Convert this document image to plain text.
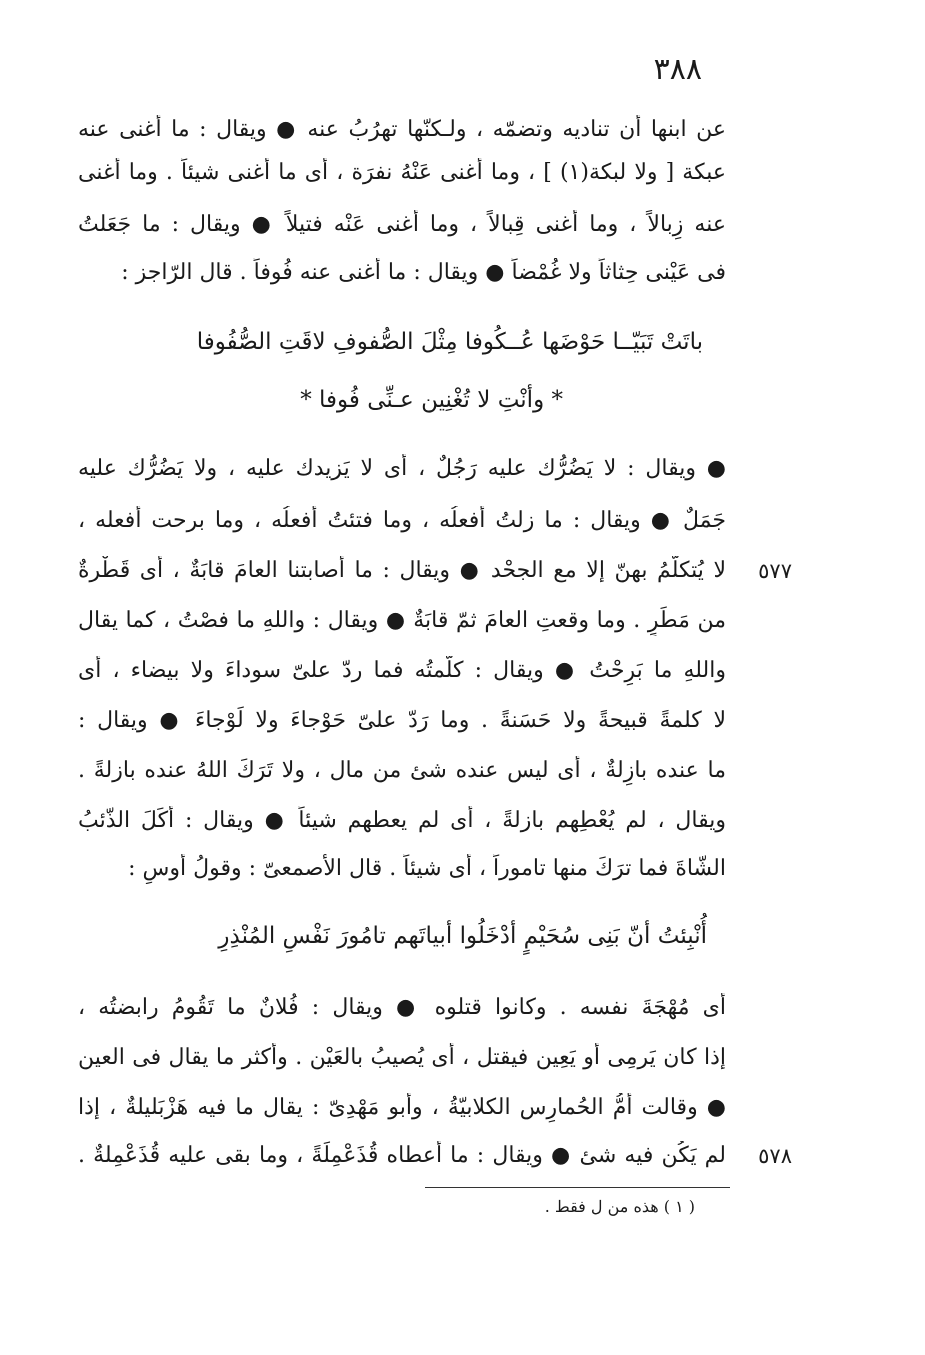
٣٨٨
عن ابنها أن تناديه وتضمّه ، ولـكنّها تهرُبُ عنه ● ويقال : ما أغنى عنه
عبكة [ ولا لبكة(١) ] ، وما أغنى عَنْهُ نفرَة ، أى ما أغنى شيئاً . وما أغنى
عنه زِبالاً ، وما أغنى قِبالاً ، وما أغنى عَنْه فتيلاً ● ويقال : ما جَعَلتُ
فى عَيْنى حِثاثاً ولا غُمْضاً ● ويقال : ما أغنى عنه فُوفاً . قال الرّاجز :
باتَتْ تَبَيّــا حَوْضَها عُــكُوفا مِثْلَ الصُّفوفِ لاقَتِ الصُّفُوفا
* وأنْتِ لا تُغْنِين عـنِّى فُوفا *
● ويقال : لا يَضُرُّك عليه رَجُلٌ ، أى لا يَزيدك عليه ، ولا يَضُرُّك عليه
جَمَلٌ ● ويقال : ما زلتُ أفعلُه ، وما فتئتُ أفعلُه ، وما برحت أفعله ،
٥٧٧
لا يُتكلّمُ بهنّ إلا مع الجحْد ● ويقال : ما أصابتنا العامَ قابَةٌ ، أى قَطْرةٌ
من مَطَرٍ . وما وقعتِ العامَ ثمّ قابَةٌ ● ويقال : واللهِ ما فصْتُ ، كما يقال
واللهِ ما بَرِحْتُ ● ويقال : كلّمتُه فما ردّ علىّ سوداءَ ولا بيضاء ، أى
لا كلمةً قبيحةً ولا حَسَنةً . وما رَدّ علىّ حَوْجاءَ ولا لَوْجاءَ ● ويقال :
ما عنده بازِلةٌ ، أى ليس عنده شئ من مال ، ولا تَرَكَ اللهُ عنده بازلةً .
ويقال ، لم يُعْطِهم بازلةً ، أى لم يعطهم شيئاً ● ويقال : أكَلَ الذّئبُ
الشّاةَ فما ترَكَ منها تاموراً ، أى شيئاً . قال الأصمعىّ : وقولُ أوسٍ :
أُنْبِئتُ أنّ بَنِى سُحَيْمٍ أدْخَلُوا أبياتَهم تامُورَ نَفْسِ المُنْذِرِ
أى مُهْجَةَ نفسه . وكانوا قتلوه ● ويقال : فُلانٌ ما تَقُومُ رابضتُه ،
إذا كان يَرمِى أو يَعِين فيقتل ، أى يُصيبُ بالعَيْن . وأكثر ما يقال فى العين
● وقالت أُمُّ الحُمارِس الكلابيّةُ ، وأبو مَهْدِىّ : يقال ما فيه هَزْبَليلةٌ ، إذا
٥٧٨
لم يَكُن فيه شئ ● ويقال : ما أعطاه قُذَعْمِلَةً ، وما بقى عليه قُذَعْمِلةٌ .
( ١ ) هذه من ل فقط .
